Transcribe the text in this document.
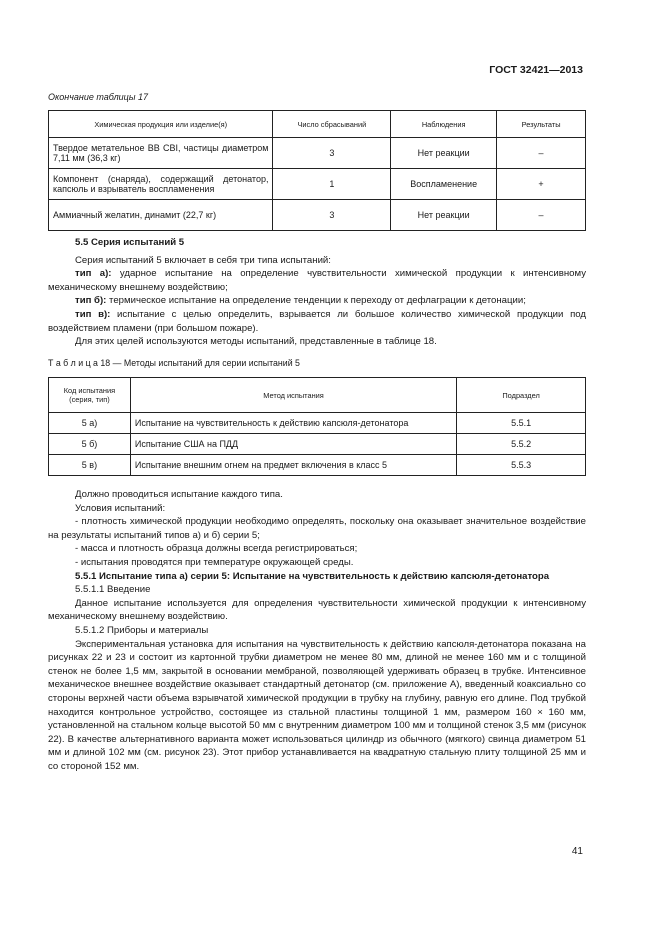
ГОСТ 32421—2013
Окончание таблицы 17
Химическая продукция или изделие(я)	Число сбрасываний	Наблюдения	Результаты
Твердое метательное ВВ CBI, частицы диаметром 7,11 мм (36,3 кг)	3	Нет реакции	–
Компонент (снаряда), содержащий детонатор, капсюль и взрыватель воспламенения	1	Воспламенение	+
Аммиачный желатин, динамит (22,7 кг)	3	Нет реакции	–

5.5 Серия испытаний 5

Серия испытаний 5 включает в себя три типа испытаний:

тип а): ударное испытание на определение чувствительности химической продукции к интенсивному механическому внешнему воздействию;

тип б): термическое испытание на определение тенденции к переходу от дефлаграции к детонации;

тип в): испытание с целью определить, взрывается ли большое количество химической продукции под воздействием пламени (при большом пожаре).

Для этих целей используются методы испытаний, представленные в таблице 18.

Т а б л и ц а 18 — Методы испытаний для серии испытаний 5
Код испытания (серия, тип)	Метод испытания	Подраздел
5 а)	Испытание на чувствительность к действию капсюля-детонатора	5.5.1
5 б)	Испытание США на ПДД	5.5.2
5 в)	Испытание внешним огнем на предмет включения в класс 5	5.5.3

Должно проводиться испытание каждого типа.

Условия испытаний:

- плотность химической продукции необходимо определять, поскольку она оказывает значительное воздействие на результаты испытаний типов а) и б) серии 5;

- масса и плотность образца должны всегда регистрироваться;

- испытания проводятся при температуре окружающей среды.

5.5.1 Испытание типа а) серии 5: Испытание на чувствительность к действию капсюля-детонатора

5.5.1.1 Введение

Данное испытание используется для определения чувствительности химической продукции к интенсивному механическому внешнему воздействию.

5.5.1.2 Приборы и материалы

Экспериментальная установка для испытания на чувствительность к действию капсюля-детонатора показана на рисунках 22 и 23 и состоит из картонной трубки диаметром не менее 80 мм, длиной не менее 160 мм и с толщиной стенок не более 1,5 мм, закрытой в основании мембраной, позволяющей удерживать образец в трубке. Интенсивное механическое внешнее воздействие оказывает стандартный детонатор (см. приложение А), введенный коаксиально со стороны верхней части объема взрывчатой химической продукции в трубку на глубину, равную его длине. Под трубкой находится контрольное устройство, состоящее из стальной пластины толщиной 1 мм, размером 160 × 160 мм, установленной на стальном кольце высотой 50 мм с внутренним диаметром 100 мм и толщиной стенок 3,5 мм (рисунок 22). В качестве альтернативного варианта может использоваться цилиндр из обычного (мягкого) свинца диаметром 51 мм и длиной 102 мм (см. рисунок 23). Этот прибор устанавливается на квадратную стальную плиту толщиной 25 мм и со стороной 152 мм.

41
